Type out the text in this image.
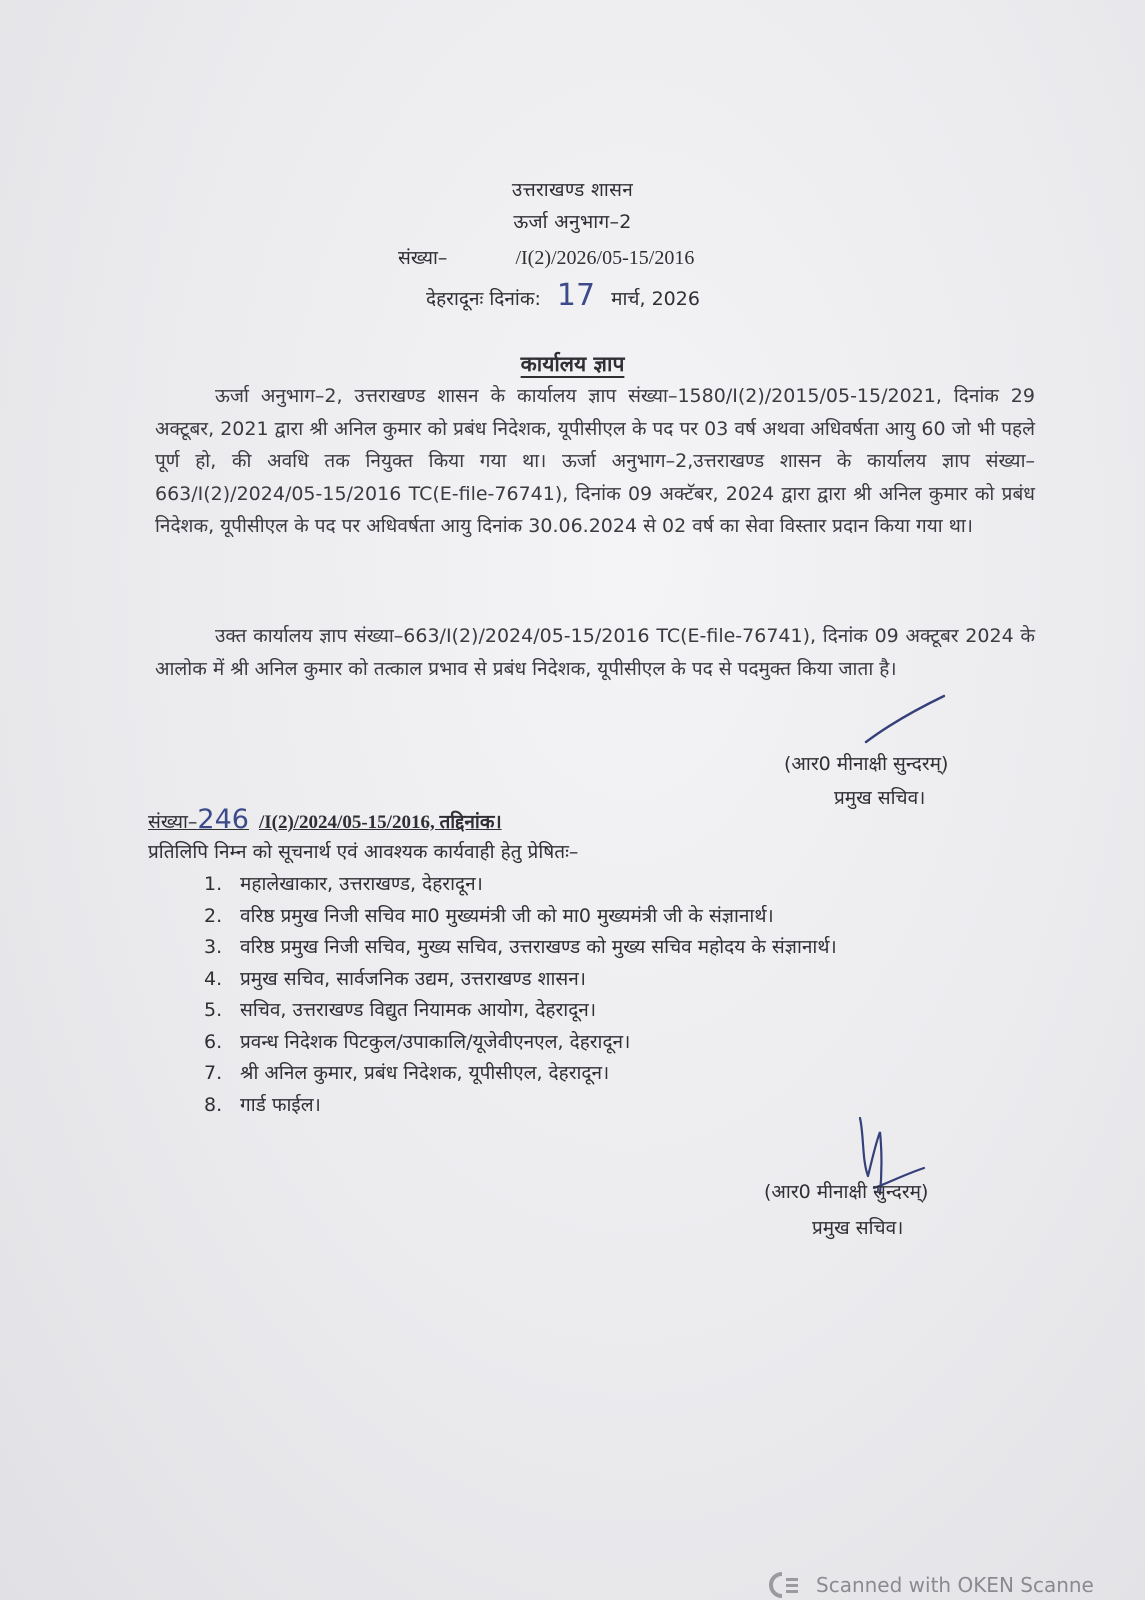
उत्तराखण्ड शासन
ऊर्जा अनुभाग–2
संख्या–	/I(2)/2026/05-15/2016
देहरादूनः दिनांक: 17 मार्च, 2026
कार्यालय ज्ञाप
ऊर्जा अनुभाग–2, उत्तराखण्ड शासन के कार्यालय ज्ञाप संख्या–1580/I(2)/2015/05-15/2021, दिनांक 29 अक्टूबर, 2021 द्वारा श्री अनिल कुमार को प्रबंध निदेशक, यूपीसीएल के पद पर 03 वर्ष अथवा अधिवर्षता आयु 60 जो भी पहले पूर्ण हो, की अवधि तक नियुक्त किया गया था। ऊर्जा अनुभाग–2,उत्तराखण्ड शासन के कार्यालय ज्ञाप संख्या–663/I(2)/2024/05-15/2016 TC(E-file-76741), दिनांक 09 अक्टॅबर, 2024 द्वारा द्वारा श्री अनिल कुमार को प्रबंध निदेशक, यूपीसीएल के पद पर अधिवर्षता आयु दिनांक 30.06.2024 से 02 वर्ष का सेवा विस्तार प्रदान किया गया था।
उक्त कार्यालय ज्ञाप संख्या–663/I(2)/2024/05-15/2016 TC(E-file-76741), दिनांक 09 अक्टूबर 2024 के आलोक में श्री अनिल कुमार को तत्काल प्रभाव से प्रबंध निदेशक, यूपीसीएल के पद से पदमुक्त किया जाता है।
(आर0 मीनाक्षी सुन्दरम्)
प्रमुख सचिव।
संख्या–246 /I(2)/2024/05-15/2016, तद्दिनांक।
प्रतिलिपि निम्न को सूचनार्थ एवं आवश्यक कार्यवाही हेतु प्रेषितः–
1. महालेखाकार, उत्तराखण्ड, देहरादून।
2. वरिष्ठ प्रमुख निजी सचिव मा0 मुख्यमंत्री जी को मा0 मुख्यमंत्री जी के संज्ञानार्थ।
3. वरिष्ठ प्रमुख निजी सचिव, मुख्य सचिव, उत्तराखण्ड को मुख्य सचिव महोदय के संज्ञानार्थ।
4. प्रमुख सचिव, सार्वजनिक उद्यम, उत्तराखण्ड शासन।
5. सचिव, उत्तराखण्ड विद्युत नियामक आयोग, देहरादून।
6. प्रवन्ध निदेशक पिटकुल/उपाकालि/यूजेवीएनएल, देहरादून।
7. श्री अनिल कुमार, प्रबंध निदेशक, यूपीसीएल, देहरादून।
8. गार्ड फाईल।
(आर0 मीनाक्षी सुन्दरम्)
प्रमुख सचिव।
Scanned with OKEN Scanne
